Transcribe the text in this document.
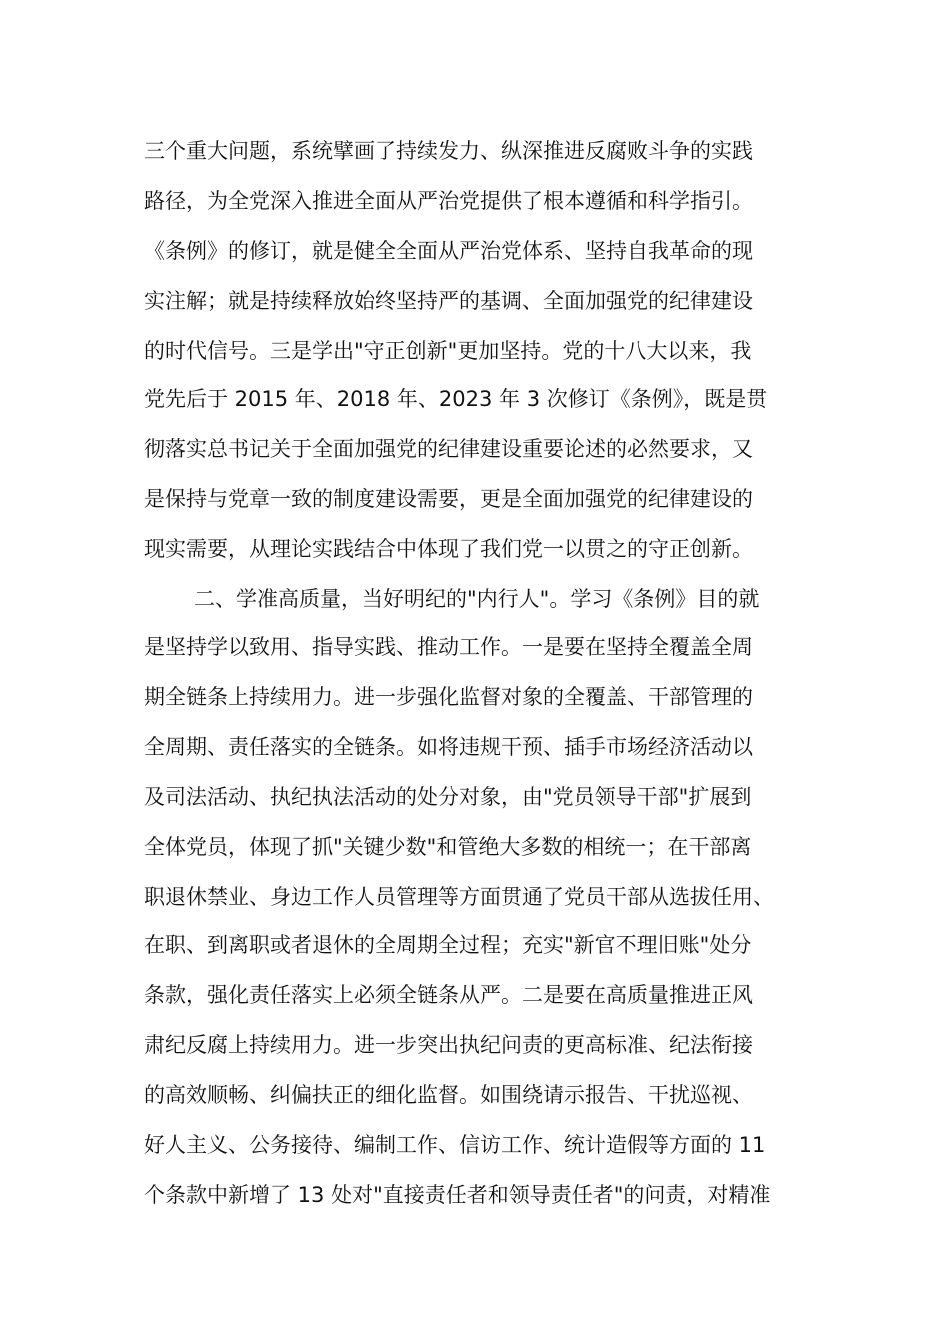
三个重大问题，系统擘画了持续发力、纵深推进反腐败斗争的实践
路径，为全党深入推进全面从严治党提供了根本遵循和科学指引。
《条例》的修订，就是健全全面从严治党体系、坚持自我革命的现
实注解；就是持续释放始终坚持严的基调、全面加强党的纪律建设
的时代信号。三是学出"守正创新"更加坚持。党的十八大以来，我
党先后于 2015 年、2018 年、2023 年 3 次修订《条例》，既是贯
彻落实总书记关于全面加强党的纪律建设重要论述的必然要求，又
是保持与党章一致的制度建设需要，更是全面加强党的纪律建设的
现实需要，从理论实践结合中体现了我们党一以贯之的守正创新。
二、学准高质量，当好明纪的"内行人"。学习《条例》目的就
是坚持学以致用、指导实践、推动工作。一是要在坚持全覆盖全周
期全链条上持续用力。进一步强化监督对象的全覆盖、干部管理的
全周期、责任落实的全链条。如将违规干预、插手市场经济活动以
及司法活动、执纪执法活动的处分对象，由"党员领导干部"扩展到
全体党员，体现了抓"关键少数"和管绝大多数的相统一；在干部离
职退休禁业、身边工作人员管理等方面贯通了党员干部从选拔任用、
在职、到离职或者退休的全周期全过程；充实"新官不理旧账"处分
条款，强化责任落实上必须全链条从严。二是要在高质量推进正风
肃纪反腐上持续用力。进一步突出执纪问责的更高标准、纪法衔接
的高效顺畅、纠偏扶正的细化监督。如围绕请示报告、干扰巡视、
好人主义、公务接待、编制工作、信访工作、统计造假等方面的 11
个条款中新增了 13 处对"直接责任者和领导责任者"的问责，对精准
